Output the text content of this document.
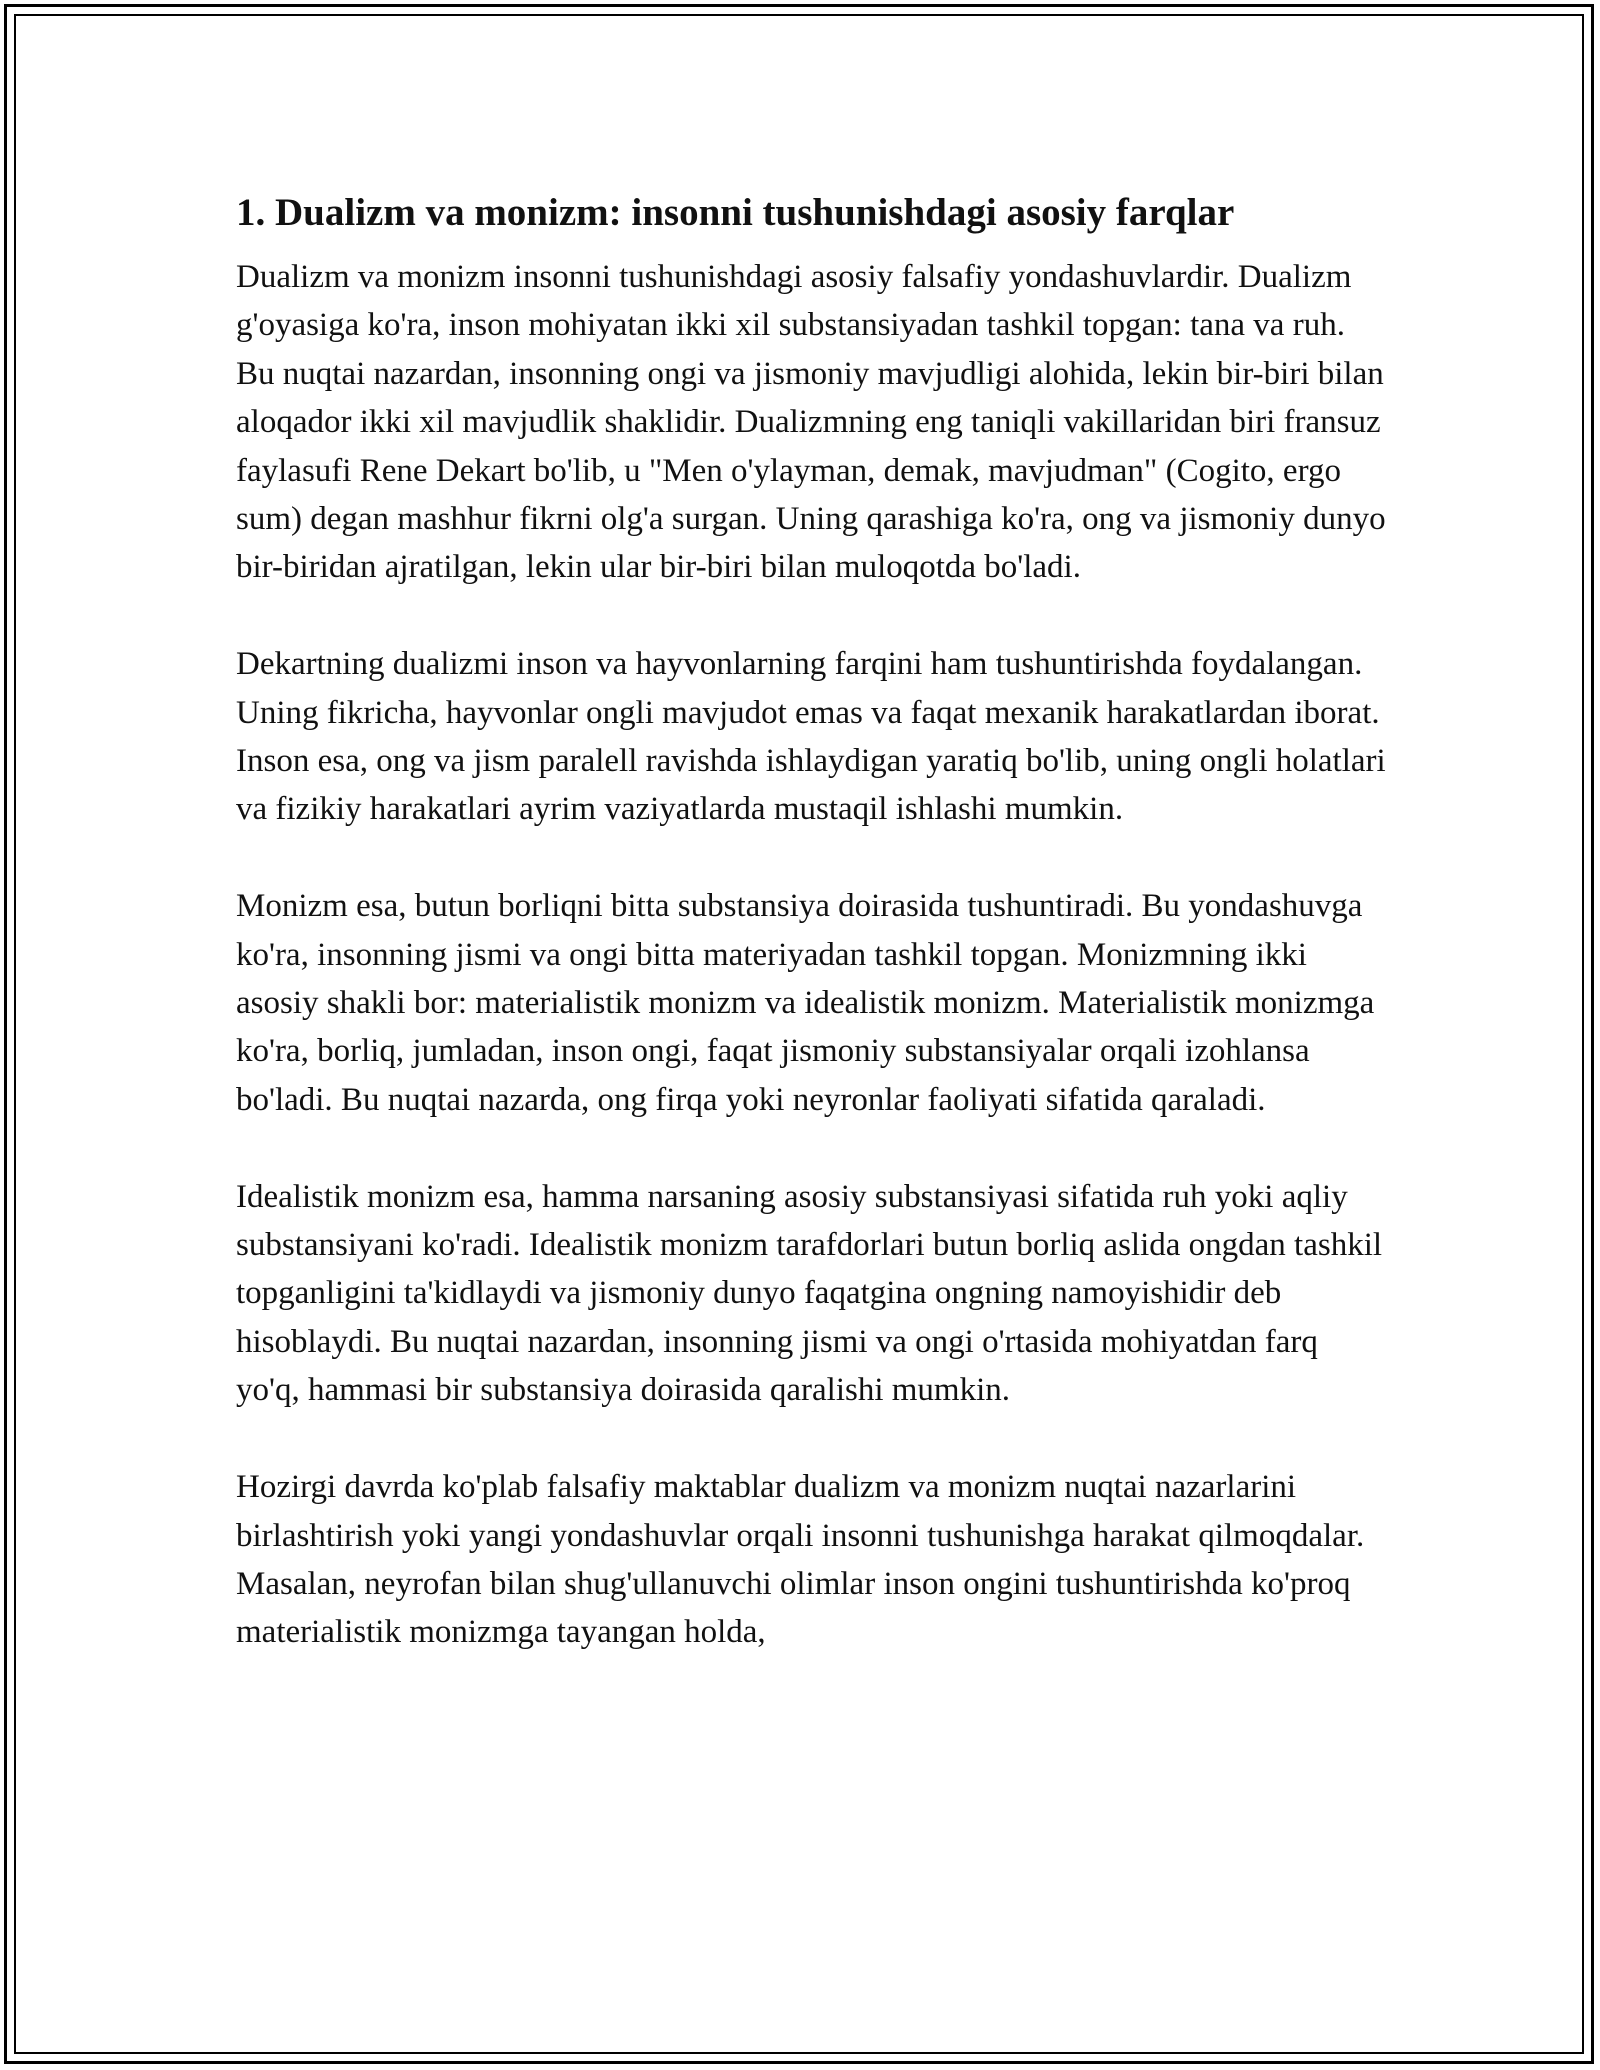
1. Dualizm va monizm: insonni tushunishdagi asosiy farqlar

Dualizm va monizm insonni tushunishdagi asosiy falsafiy yondashuvlardir. Dualizm g'oyasiga ko'ra, inson mohiyatan ikki xil substansiyadan tashkil topgan: tana va ruh. Bu nuqtai nazardan, insonning ongi va jismoniy mavjudligi alohida, lekin bir-biri bilan aloqador ikki xil mavjudlik shaklidir. Dualizmning eng taniqli vakillaridan biri fransuz faylasufi Rene Dekart bo'lib, u "Men o'ylayman, demak, mavjudman" (Cogito, ergo sum) degan mashhur fikrni olg'a surgan. Uning qarashiga ko'ra, ong va jismoniy dunyo bir-biridan ajratilgan, lekin ular bir-biri bilan muloqotda bo'ladi.

Dekartning dualizmi inson va hayvonlarning farqini ham tushuntirishda foydalangan. Uning fikricha, hayvonlar ongli mavjudot emas va faqat mexanik harakatlardan iborat. Inson esa, ong va jism paralell ravishda ishlaydigan yaratiq bo'lib, uning ongli holatlari va fizikiy harakatlari ayrim vaziyatlarda mustaqil ishlashi mumkin.

Monizm esa, butun borliqni bitta substansiya doirasida tushuntiradi. Bu yondashuvga ko'ra, insonning jismi va ongi bitta materiyadan tashkil topgan. Monizmning ikki asosiy shakli bor: materialistik monizm va idealistik monizm. Materialistik monizmga ko'ra, borliq, jumladan, inson ongi, faqat jismoniy substansiyalar orqali izohlansa bo'ladi. Bu nuqtai nazarda, ong firqa yoki neyronlar faoliyati sifatida qaraladi.

Idealistik monizm esa, hamma narsaning asosiy substansiyasi sifatida ruh yoki aqliy substansiyani ko'radi. Idealistik monizm tarafdorlari butun borliq aslida ongdan tashkil topganligini ta'kidlaydi va jismoniy dunyo faqatgina ongning namoyishidir deb hisoblaydi. Bu nuqtai nazardan, insonning jismi va ongi o'rtasida mohiyatdan farq yo'q, hammasi bir substansiya doirasida qaralishi mumkin.

Hozirgi davrda ko'plab falsafiy maktablar dualizm va monizm nuqtai nazarlarini birlashtirish yoki yangi yondashuvlar orqali insonni tushunishga harakat qilmoqdalar. Masalan, neyrofan bilan shug'ullanuvchi olimlar inson ongini tushuntirishda ko'proq materialistik monizmga tayangan holda,
